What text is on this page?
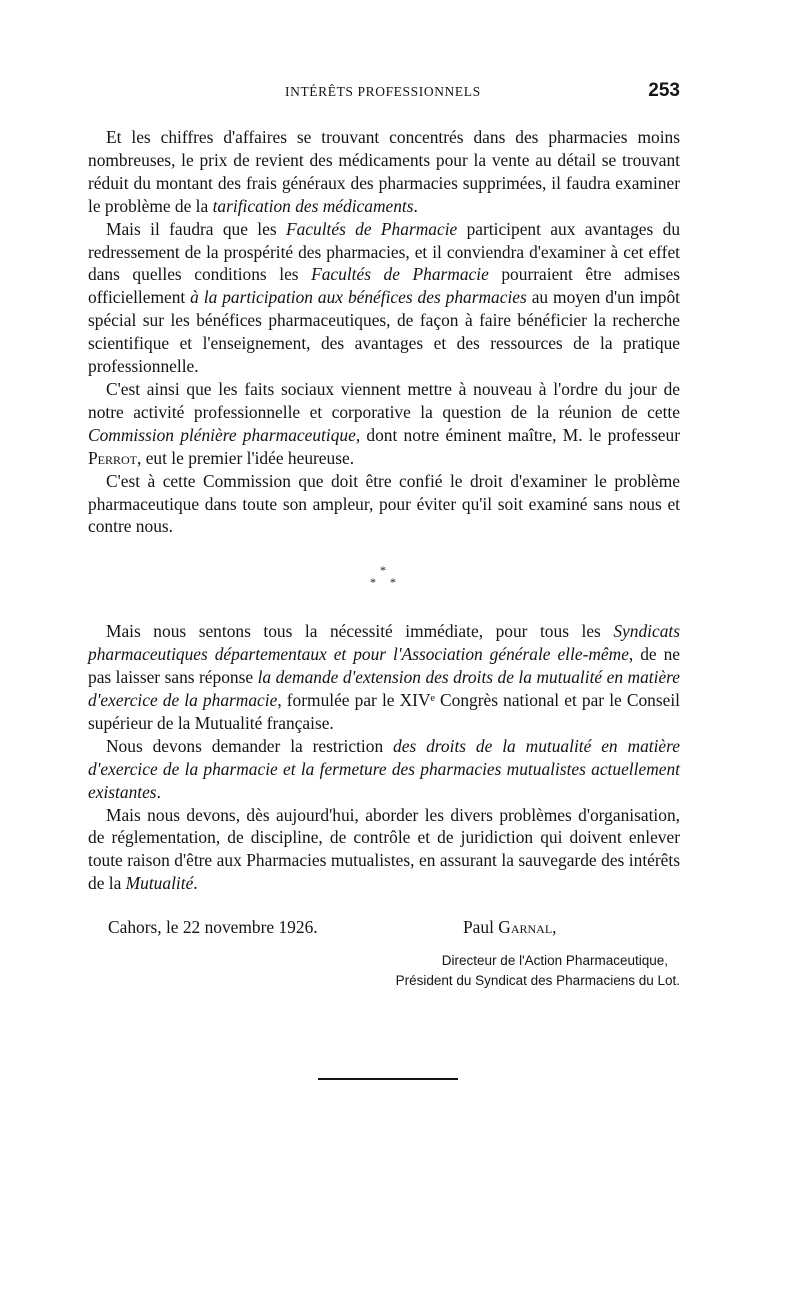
INTÉRÊTS PROFESSIONNELS	253

Et les chiffres d'affaires se trouvant concentrés dans des pharmacies moins nombreuses, le prix de revient des médicaments pour la vente au détail se trouvant réduit du montant des frais généraux des pharmacies supprimées, il faudra examiner le problème de la tarification des médicaments.

Mais il faudra que les Facultés de Pharmacie participent aux avantages du redressement de la prospérité des pharmacies, et il conviendra d'examiner à cet effet dans quelles conditions les Facultés de Pharmacie pourraient être admises officiellement à la participation aux bénéfices des pharmacies au moyen d'un impôt spécial sur les bénéfices pharmaceutiques, de façon à faire bénéficier la recherche scientifique et l'enseignement, des avantages et des ressources de la pratique professionnelle.

C'est ainsi que les faits sociaux viennent mettre à nouveau à l'ordre du jour de notre activité professionnelle et corporative la question de la réunion de cette Commission plénière pharmaceutique, dont notre éminent maître, M. le professeur Perrot, eut le premier l'idée heureuse.

C'est à cette Commission que doit être confié le droit d'examiner le problème pharmaceutique dans toute son ampleur, pour éviter qu'il soit examiné sans nous et contre nous.

*
* *

Mais nous sentons tous la nécessité immédiate, pour tous les Syndicats pharmaceutiques départementaux et pour l'Association générale elle-même, de ne pas laisser sans réponse la demande d'extension des droits de la mutualité en matière d'exercice de la pharmacie, formulée par le XIVᵉ Congrès national et par le Conseil supérieur de la Mutualité française.

Nous devons demander la restriction des droits de la mutualité en matière d'exercice de la pharmacie et la fermeture des pharmacies mutualistes actuellement existantes.

Mais nous devons, dès aujourd'hui, aborder les divers problèmes d'organisation, de réglementation, de discipline, de contrôle et de juridiction qui doivent enlever toute raison d'être aux Pharmacies mutualistes, en assurant la sauvegarde des intérêts de la Mutualité.

Cahors, le 22 novembre 1926.	Paul Garnal,
Directeur de l'Action Pharmaceutique,
Président du Syndicat des Pharmaciens du Lot.
